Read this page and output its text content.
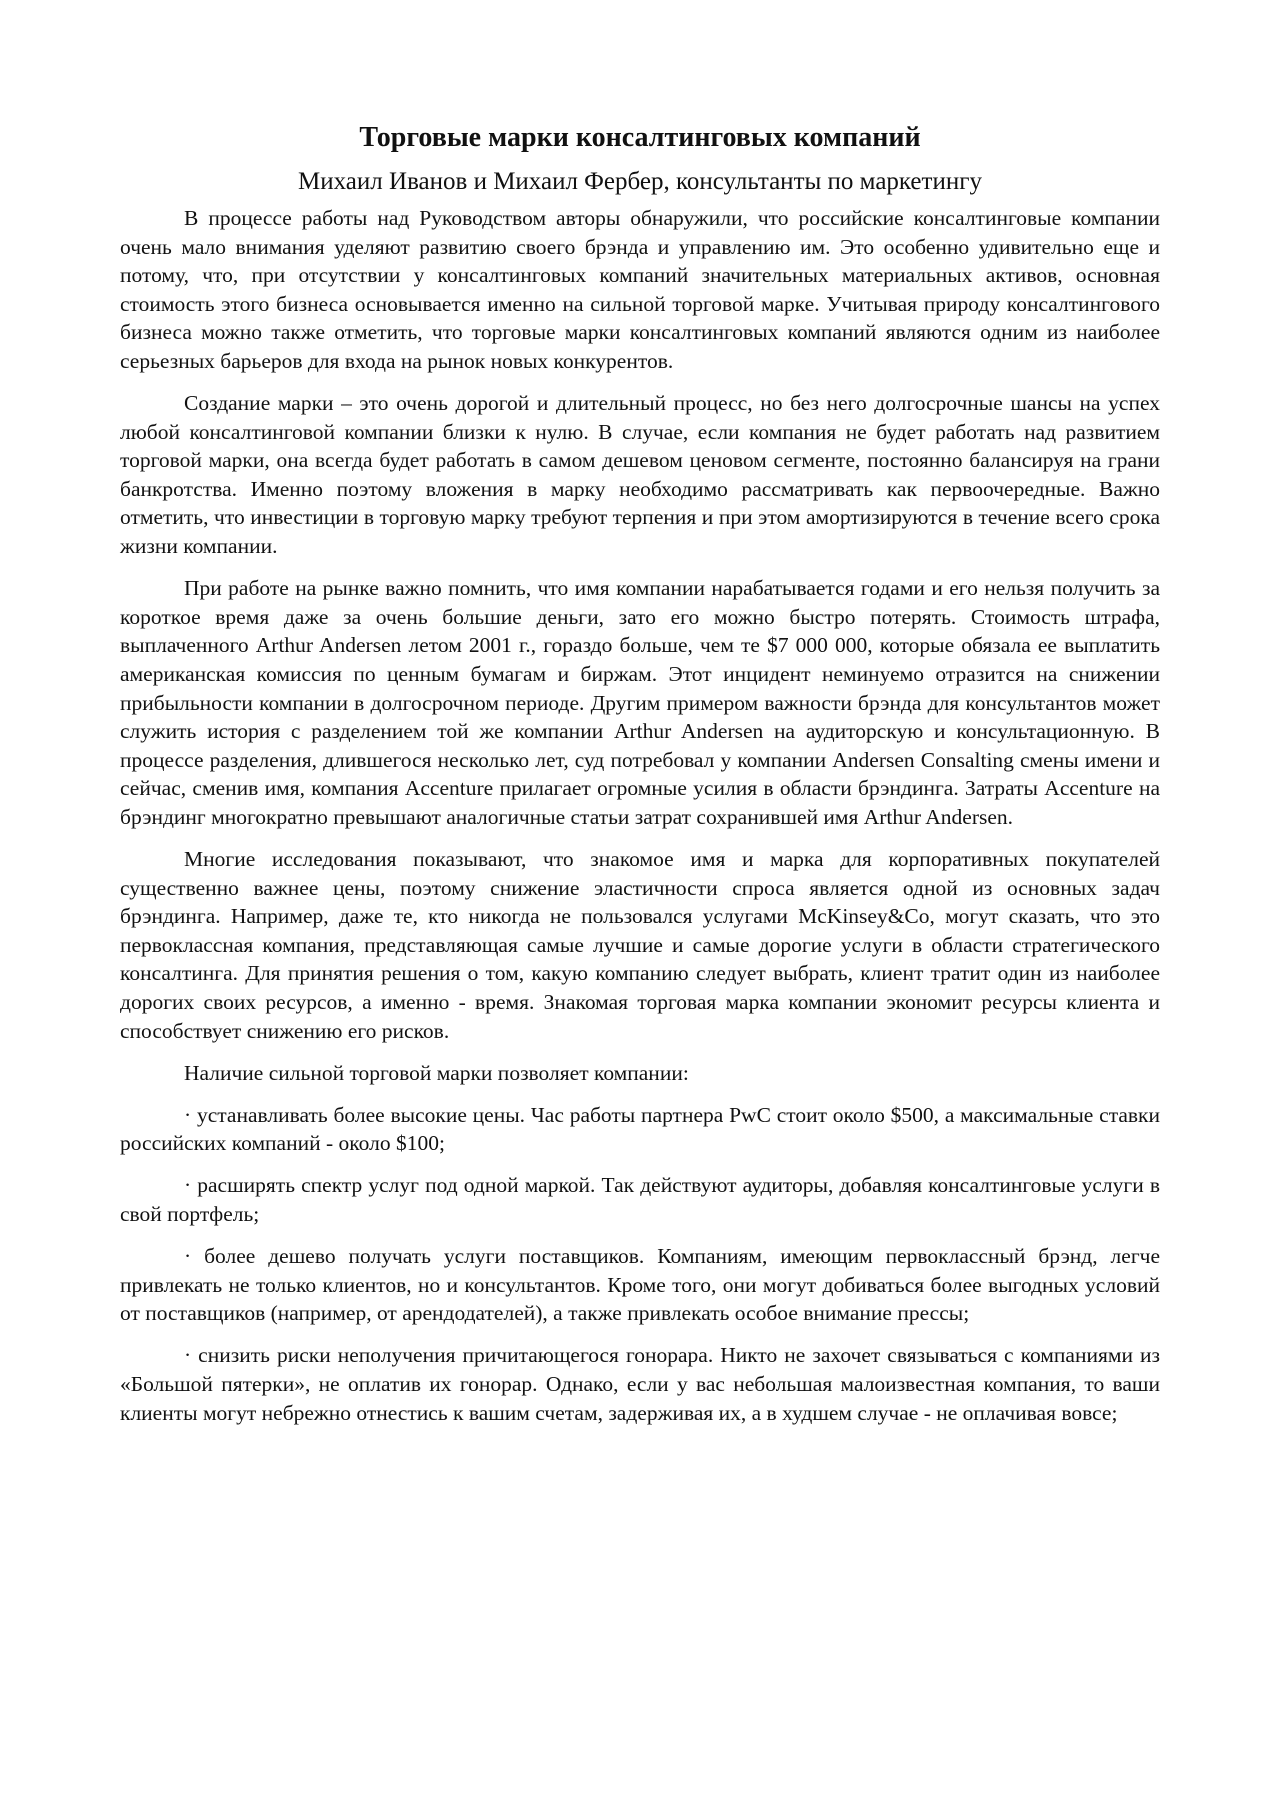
Торговые марки консалтинговых компаний
Михаил Иванов и Михаил Фербер, консультанты по маркетингу

В процессе работы над Руководством авторы обнаружили, что российские консалтинговые компании очень мало внимания уделяют развитию своего брэнда и управлению им. Это особенно удивительно еще и потому, что, при отсутствии у консалтинговых компаний значительных материальных активов, основная стоимость этого бизнеса основывается именно на сильной торговой марке. Учитывая природу консалтингового бизнеса можно также отметить, что торговые марки консалтинговых компаний являются одним из наиболее серьезных барьеров для входа на рынок новых конкурентов.

Создание марки – это очень дорогой и длительный процесс, но без него долгосрочные шансы на успех любой консалтинговой компании близки к нулю. В случае, если компания не будет работать над развитием торговой марки, она всегда будет работать в самом дешевом ценовом сегменте, постоянно балансируя на грани банкротства. Именно поэтому вложения в марку необходимо рассматривать как первоочередные. Важно отметить, что инвестиции в торговую марку требуют терпения и при этом амортизируются в течение всего срока жизни компании.

При работе на рынке важно помнить, что имя компании нарабатывается годами и его нельзя получить за короткое время даже за очень большие деньги, зато его можно быстро потерять. Стоимость штрафа, выплаченного Arthur Andersen летом 2001 г., гораздо больше, чем те $7 000 000, которые обязала ее выплатить американская комиссия по ценным бумагам и биржам. Этот инцидент неминуемо отразится на снижении прибыльности компании в долгосрочном периоде. Другим примером важности брэнда для консультантов может служить история с разделением той же компании Arthur Andersen на аудиторскую и консультационную. В процессе разделения, длившегося несколько лет, суд потребовал у компании Andersen Consalting смены имени и сейчас, сменив имя, компания Accenture прилагает огромные усилия в области брэндинга. Затраты Accenture на брэндинг многократно превышают аналогичные статьи затрат сохранившей имя Arthur Andersen.

Многие исследования показывают, что знакомое имя и марка для корпоративных покупателей существенно важнее цены, поэтому снижение эластичности спроса является одной из основных задач брэндинга. Например, даже те, кто никогда не пользовался услугами McKinsey&Co, могут сказать, что это первоклассная компания, представляющая самые лучшие и самые дорогие услуги в области стратегического консалтинга. Для принятия решения о том, какую компанию следует выбрать, клиент тратит один из наиболее дорогих своих ресурсов, а именно - время. Знакомая торговая марка компании экономит ресурсы клиента и способствует снижению его рисков.

Наличие сильной торговой марки позволяет компании:

· устанавливать более высокие цены. Час работы партнера PwC стоит около $500, а максимальные ставки российских компаний - около $100;

· расширять спектр услуг под одной маркой. Так действуют аудиторы, добавляя консалтинговые услуги в свой портфель;

· более дешево получать услуги поставщиков. Компаниям, имеющим первоклассный брэнд, легче привлекать не только клиентов, но и консультантов. Кроме того, они могут добиваться более выгодных условий от поставщиков (например, от арендодателей), а также привлекать особое внимание прессы;

· снизить риски неполучения причитающегося гонорара. Никто не захочет связываться с компаниями из «Большой пятерки», не оплатив их гонорар. Однако, если у вас небольшая малоизвестная компания, то ваши клиенты могут небрежно отнестись к вашим счетам, задерживая их, а в худшем случае - не оплачивая вовсе;
